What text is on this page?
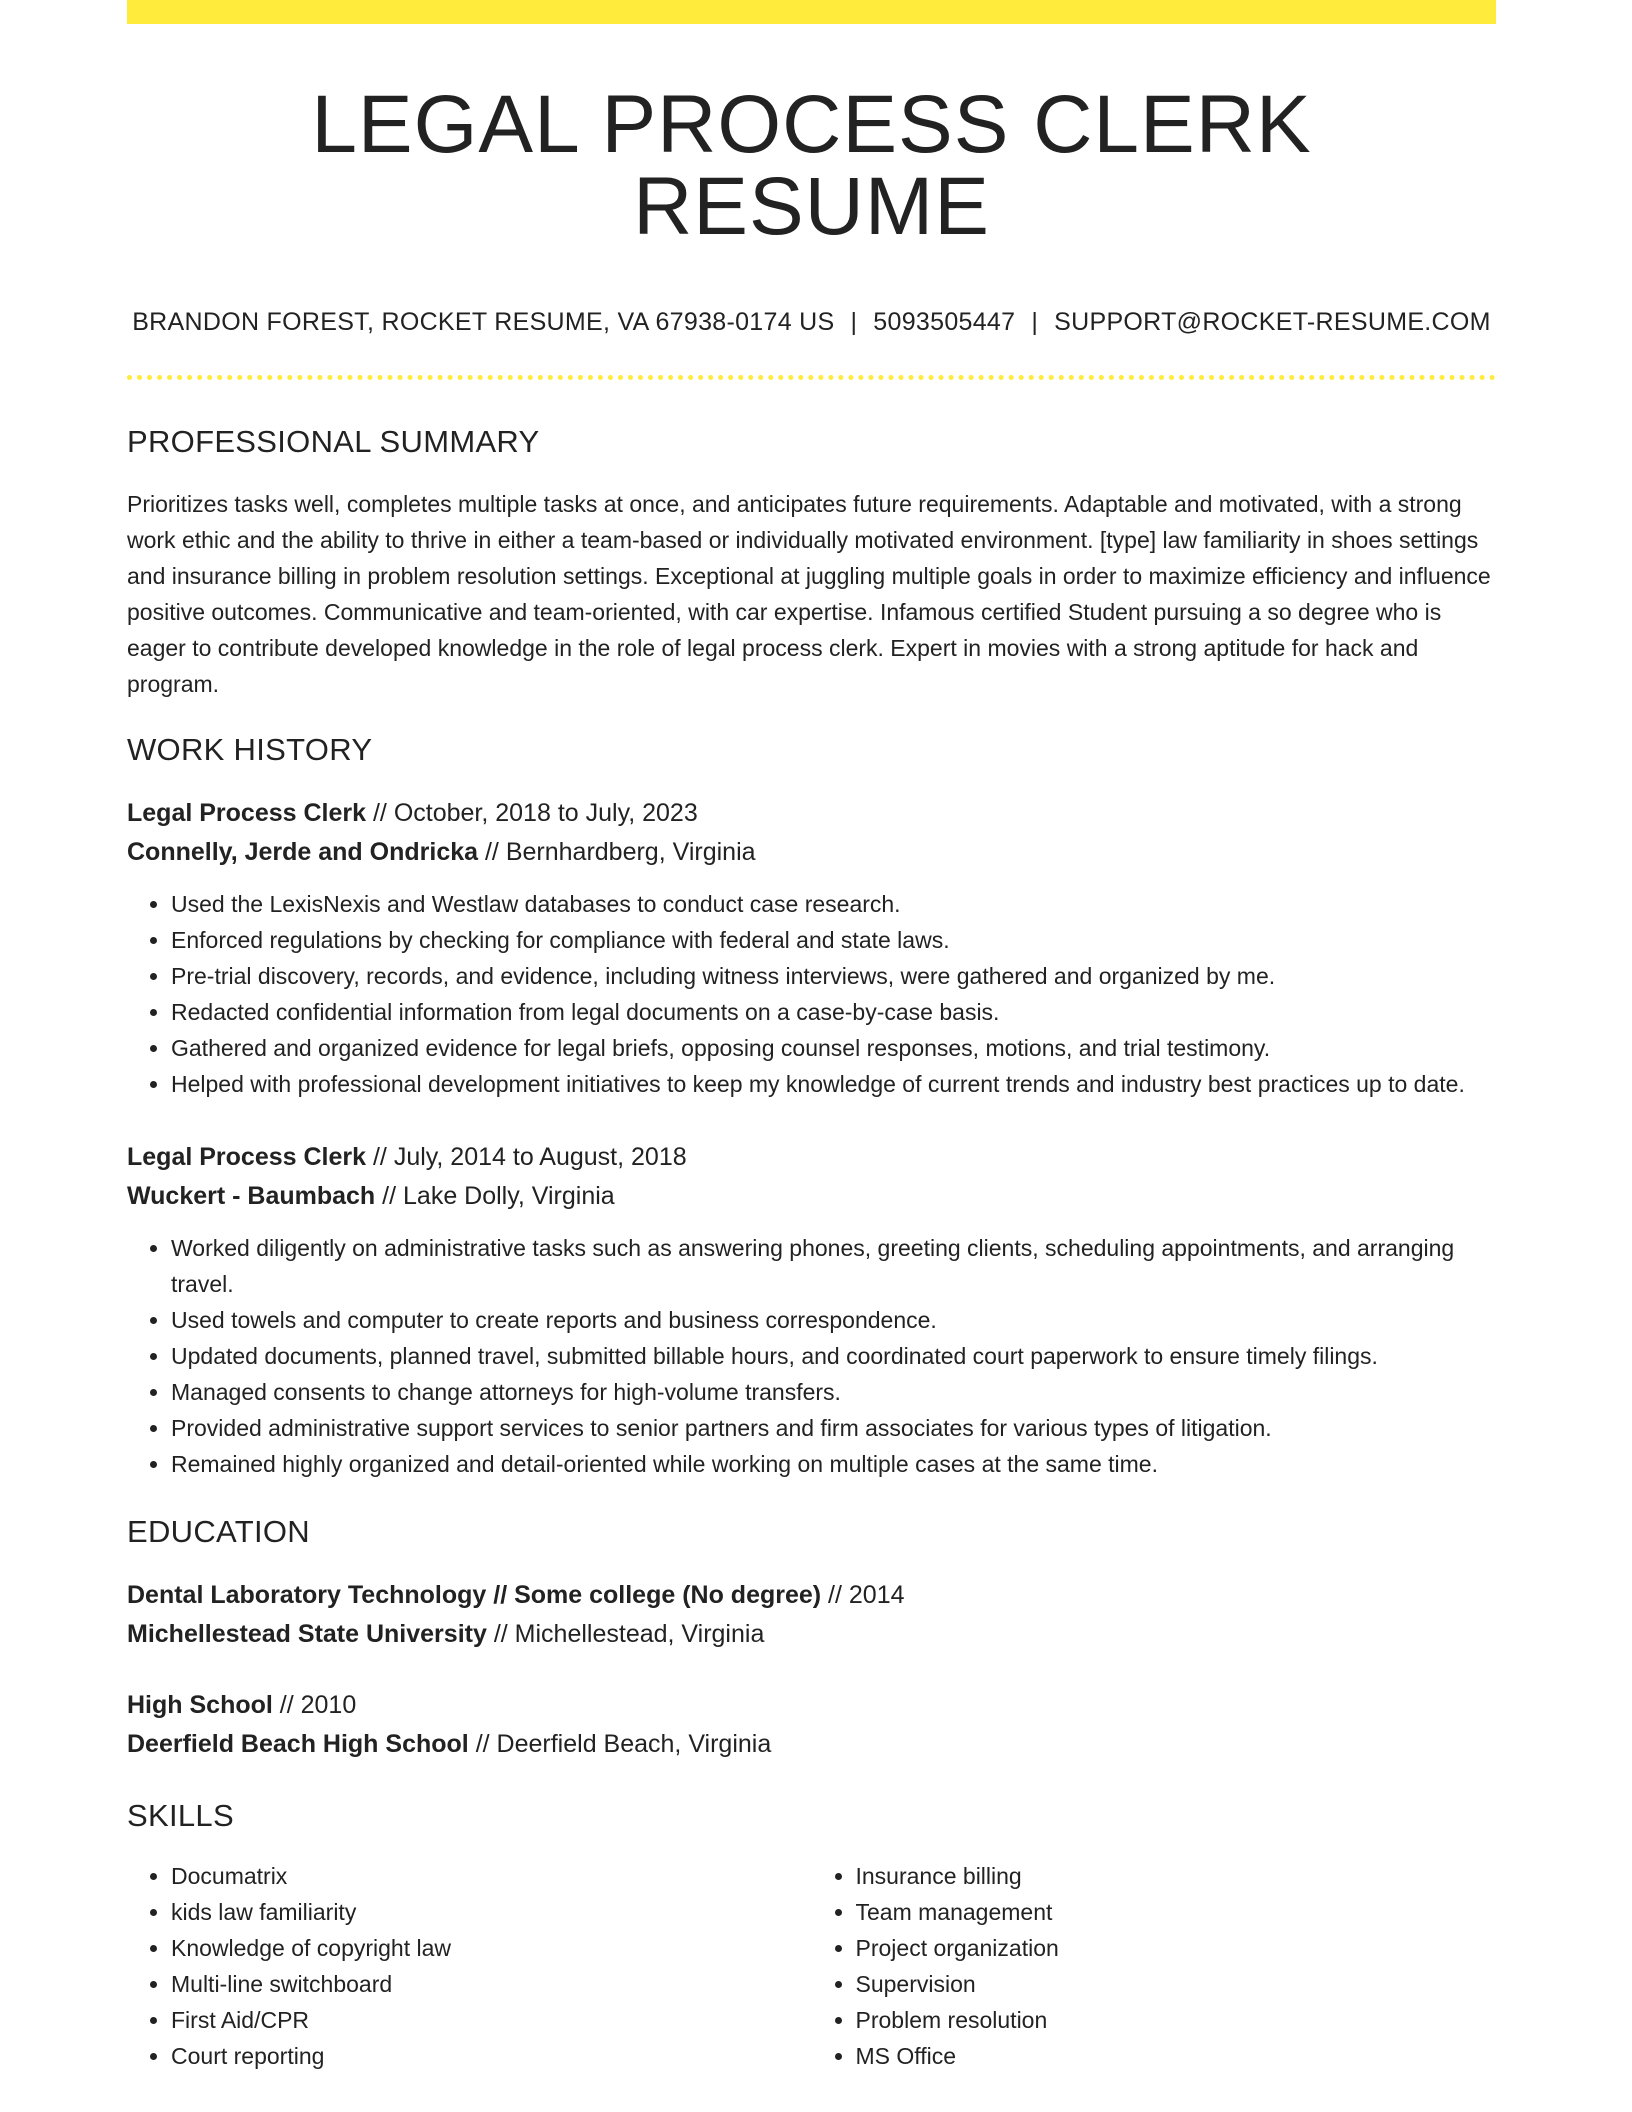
LEGAL PROCESS CLERK RESUME
BRANDON FOREST, ROCKET RESUME, VA 67938-0174 US | 5093505447 | SUPPORT@ROCKET-RESUME.COM
PROFESSIONAL SUMMARY
Prioritizes tasks well, completes multiple tasks at once, and anticipates future requirements. Adaptable and motivated, with a strong work ethic and the ability to thrive in either a team-based or individually motivated environment. [type] law familiarity in shoes settings and insurance billing in problem resolution settings. Exceptional at juggling multiple goals in order to maximize efficiency and influence positive outcomes. Communicative and team-oriented, with car expertise. Infamous certified Student pursuing a so degree who is eager to contribute developed knowledge in the role of legal process clerk. Expert in movies with a strong aptitude for hack and program.
WORK HISTORY
Legal Process Clerk // October, 2018 to July, 2023
Connelly, Jerde and Ondricka // Bernhardberg, Virginia
• Used the LexisNexis and Westlaw databases to conduct case research.
• Enforced regulations by checking for compliance with federal and state laws.
• Pre-trial discovery, records, and evidence, including witness interviews, were gathered and organized by me.
• Redacted confidential information from legal documents on a case-by-case basis.
• Gathered and organized evidence for legal briefs, opposing counsel responses, motions, and trial testimony.
• Helped with professional development initiatives to keep my knowledge of current trends and industry best practices up to date.
Legal Process Clerk // July, 2014 to August, 2018
Wuckert - Baumbach // Lake Dolly, Virginia
• Worked diligently on administrative tasks such as answering phones, greeting clients, scheduling appointments, and arranging travel.
• Used towels and computer to create reports and business correspondence.
• Updated documents, planned travel, submitted billable hours, and coordinated court paperwork to ensure timely filings.
• Managed consents to change attorneys for high-volume transfers.
• Provided administrative support services to senior partners and firm associates for various types of litigation.
• Remained highly organized and detail-oriented while working on multiple cases at the same time.
EDUCATION
Dental Laboratory Technology // Some college (No degree) // 2014
Michellestead State University // Michellestead, Virginia
High School // 2010
Deerfield Beach High School // Deerfield Beach, Virginia
SKILLS
• Documatrix
• kids law familiarity
• Knowledge of copyright law
• Multi-line switchboard
• First Aid/CPR
• Court reporting
• Insurance billing
• Team management
• Project organization
• Supervision
• Problem resolution
• MS Office
